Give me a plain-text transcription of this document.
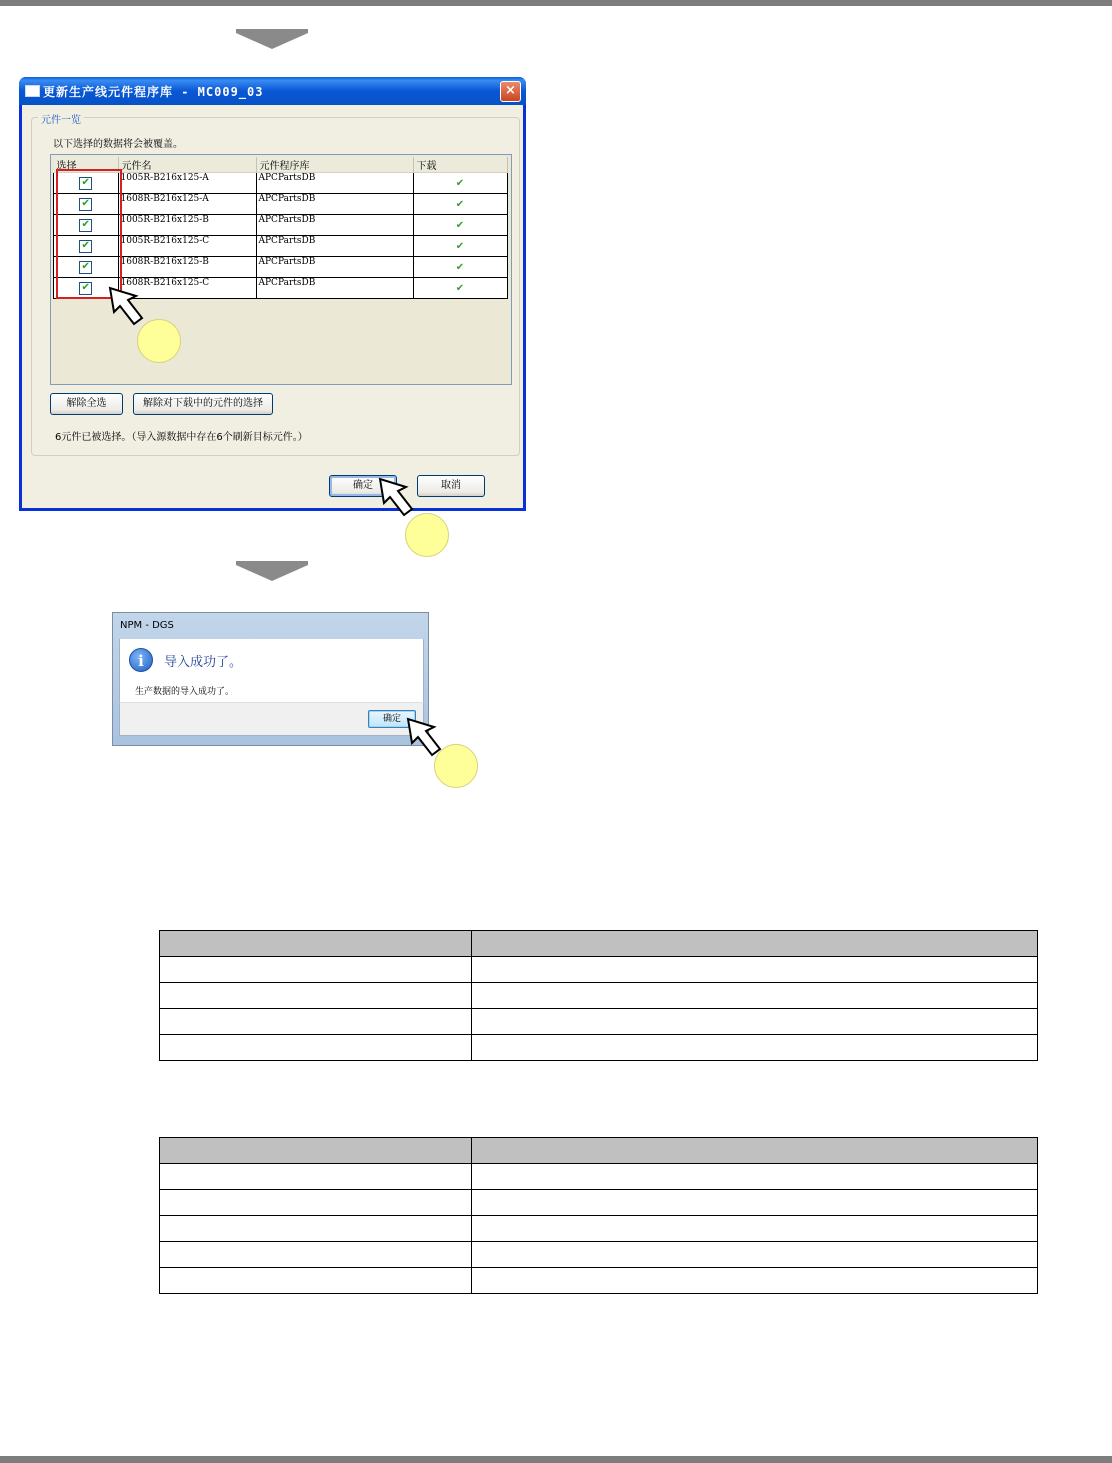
更新生产线元件程序库 - MC009_03	×
元件一览
以下选择的数据将会被覆盖。
选择	元件名	元件程序库	下载
✔	1005R-B216x125-A	APCPartsDB	✔
✔	1608R-B216x125-A	APCPartsDB	✔
✔	1005R-B216x125-B	APCPartsDB	✔
✔	1005R-B216x125-C	APCPartsDB	✔
✔	1608R-B216x125-B	APCPartsDB	✔
✔	1608R-B216x125-C	APCPartsDB	✔
解除全选	解除对下载中的元件的选择
6元件已被选择。（导入源数据中存在6个刷新目标元件。）
确定	取消
NPM - DGS
i	导入成功了。
生产数据的导入成功了。
确定
